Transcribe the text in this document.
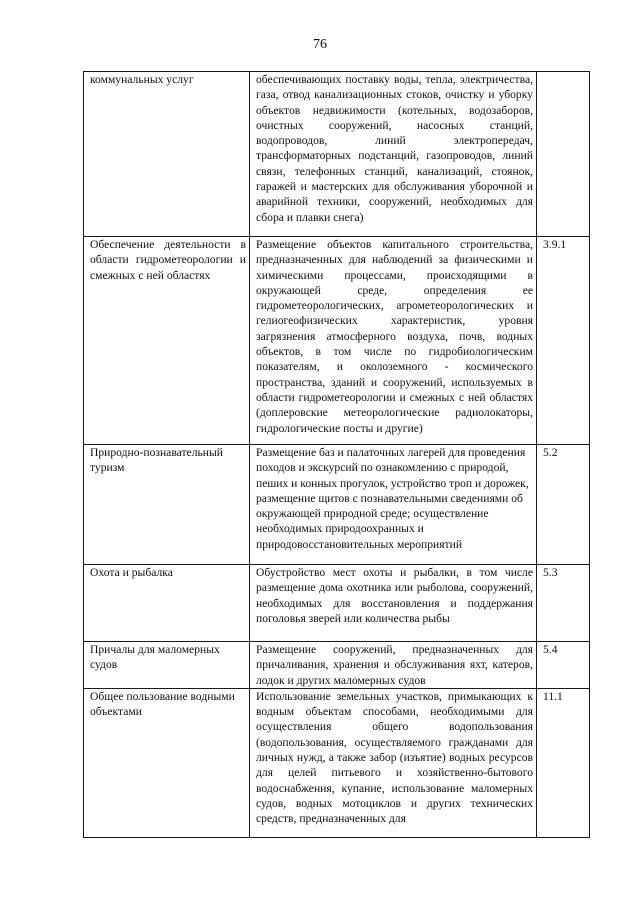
76
коммунальных услуг	обеспечивающих поставку воды, тепла, электричества, газа, отвод канализационных стоков, очистку и уборку объектов недвижимости (котельных, водозаборов, очистных сооружений, насосных станций, водопроводов, линий электропередач, трансформаторных подстанций, газопроводов, линий связи, телефонных станций, канализаций, стоянок, гаражей и мастерских для обслуживания уборочной и аварийной техники, сооружений, необходимых для сбора и плавки снега)	
Обеспечение деятельности в области гидрометеорологии и смежных с ней областях	Размещение объектов капитального строительства, предназначенных для наблюдений за физическими и химическими процессами, происходящими в окружающей среде, определения ее гидрометеорологических, агрометеорологических и гелиогеофизических характеристик, уровня загрязнения атмосферного воздуха, почв, водных объектов, в том числе по гидробиологическим показателям, и околоземного - космического пространства, зданий и сооружений, используемых в области гидрометеорологии и смежных с ней областях (доплеровские метеорологические радиолокаторы, гидрологические посты и другие)	3.9.1
Природно-познавательный туризм	Размещение баз и палаточных лагерей для проведения походов и экскурсий по ознакомлению с природой, пеших и конных прогулок, устройство троп и дорожек, размещение щитов с познавательными сведениями об окружающей природной среде; осуществление необходимых природоохранных и природовосстановительных мероприятий	5.2
Охота и рыбалка	Обустройство мест охоты и рыбалки, в том числе размещение дома охотника или рыболова, сооружений, необходимых для восстановления и поддержания поголовья зверей или количества рыбы	5.3
Причалы для маломерных судов	Размещение сооружений, предназначенных для причаливания, хранения и обслуживания яхт, катеров, лодок и других маломерных судов	5.4
Общее пользование водными объектами	Использование земельных участков, примыкающих к водным объектам способами, необходимыми для осуществления общего водопользования (водопользования, осуществляемого гражданами для личных нужд, а также забор (изъятие) водных ресурсов для целей питьевого и хозяйственно-бытового водоснабжения, купание, использование маломерных судов, водных мотоциклов и других технических средств, предназначенных для	11.1
